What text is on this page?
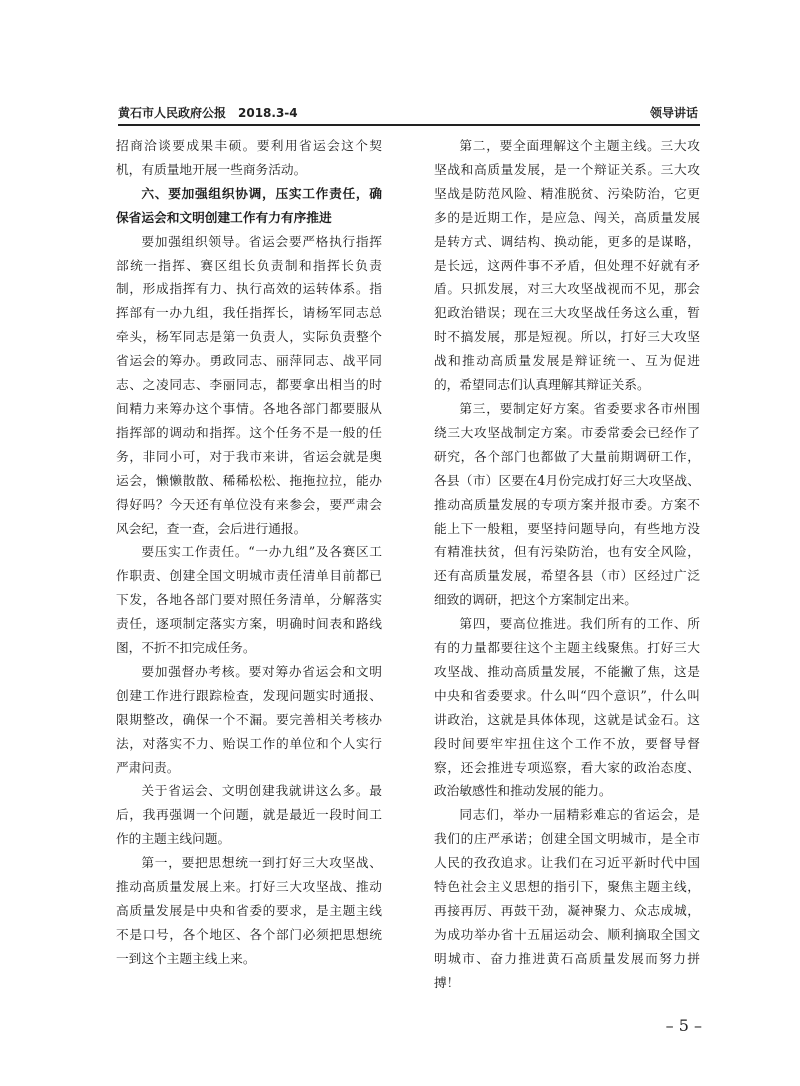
黄石市人民政府公报　2018.3-4	领导讲话

招商洽谈要成果丰硕。要利用省运会这个契机，有质量地开展一些商务活动。

六、要加强组织协调，压实工作责任，确保省运会和文明创建工作有力有序推进

要加强组织领导。省运会要严格执行指挥部统一指挥、赛区组长负责制和指挥长负责制，形成指挥有力、执行高效的运转体系。指挥部有一办九组，我任指挥长，请杨军同志总牵头，杨军同志是第一负责人，实际负责整个省运会的筹办。勇政同志、丽萍同志、战平同志、之凌同志、李丽同志，都要拿出相当的时间精力来筹办这个事情。各地各部门都要服从指挥部的调动和指挥。这个任务不是一般的任务，非同小可，对于我市来讲，省运会就是奥运会，懒懒散散、稀稀松松、拖拖拉拉，能办得好吗？今天还有单位没有来参会，要严肃会风会纪，查一查，会后进行通报。

要压实工作责任。“一办九组”及各赛区工作职责、创建全国文明城市责任清单目前都已下发，各地各部门要对照任务清单，分解落实责任，逐项制定落实方案，明确时间表和路线图，不折不扣完成任务。

要加强督办考核。要对筹办省运会和文明创建工作进行跟踪检查，发现问题实时通报、限期整改，确保一个不漏。要完善相关考核办法，对落实不力、贻误工作的单位和个人实行严肃问责。

关于省运会、文明创建我就讲这么多。最后，我再强调一个问题，就是最近一段时间工作的主题主线问题。

第一，要把思想统一到打好三大攻坚战、推动高质量发展上来。打好三大攻坚战、推动高质量发展是中央和省委的要求，是主题主线不是口号，各个地区、各个部门必须把思想统一到这个主题主线上来。

第二，要全面理解这个主题主线。三大攻坚战和高质量发展，是一个辩证关系。三大攻坚战是防范风险、精准脱贫、污染防治，它更多的是近期工作，是应急、闯关，高质量发展是转方式、调结构、换动能，更多的是谋略，是长远，这两件事不矛盾，但处理不好就有矛盾。只抓发展，对三大攻坚战视而不见，那会犯政治错误；现在三大攻坚战任务这么重，暂时不搞发展，那是短视。所以，打好三大攻坚战和推动高质量发展是辩证统一、互为促进的，希望同志们认真理解其辩证关系。

第三，要制定好方案。省委要求各市州围绕三大攻坚战制定方案。市委常委会已经作了研究，各个部门也都做了大量前期调研工作，各县（市）区要在4月份完成打好三大攻坚战、推动高质量发展的专项方案并报市委。方案不能上下一般粗，要坚持问题导向，有些地方没有精准扶贫，但有污染防治，也有安全风险，还有高质量发展，希望各县（市）区经过广泛细致的调研，把这个方案制定出来。

第四，要高位推进。我们所有的工作、所有的力量都要往这个主题主线聚焦。打好三大攻坚战、推动高质量发展，不能撇了焦，这是中央和省委要求。什么叫“四个意识”，什么叫讲政治，这就是具体体现，这就是试金石。这段时间要牢牢扭住这个工作不放，要督导督察，还会推进专项巡察，看大家的政治态度、政治敏感性和推动发展的能力。

同志们，举办一届精彩难忘的省运会，是我们的庄严承诺；创建全国文明城市，是全市人民的孜孜追求。让我们在习近平新时代中国特色社会主义思想的指引下，聚焦主题主线，再接再厉、再鼓干劲，凝神聚力、众志成城，为成功举办省十五届运动会、顺利摘取全国文明城市、奋力推进黄石高质量发展而努力拼搏！

– 5 –
